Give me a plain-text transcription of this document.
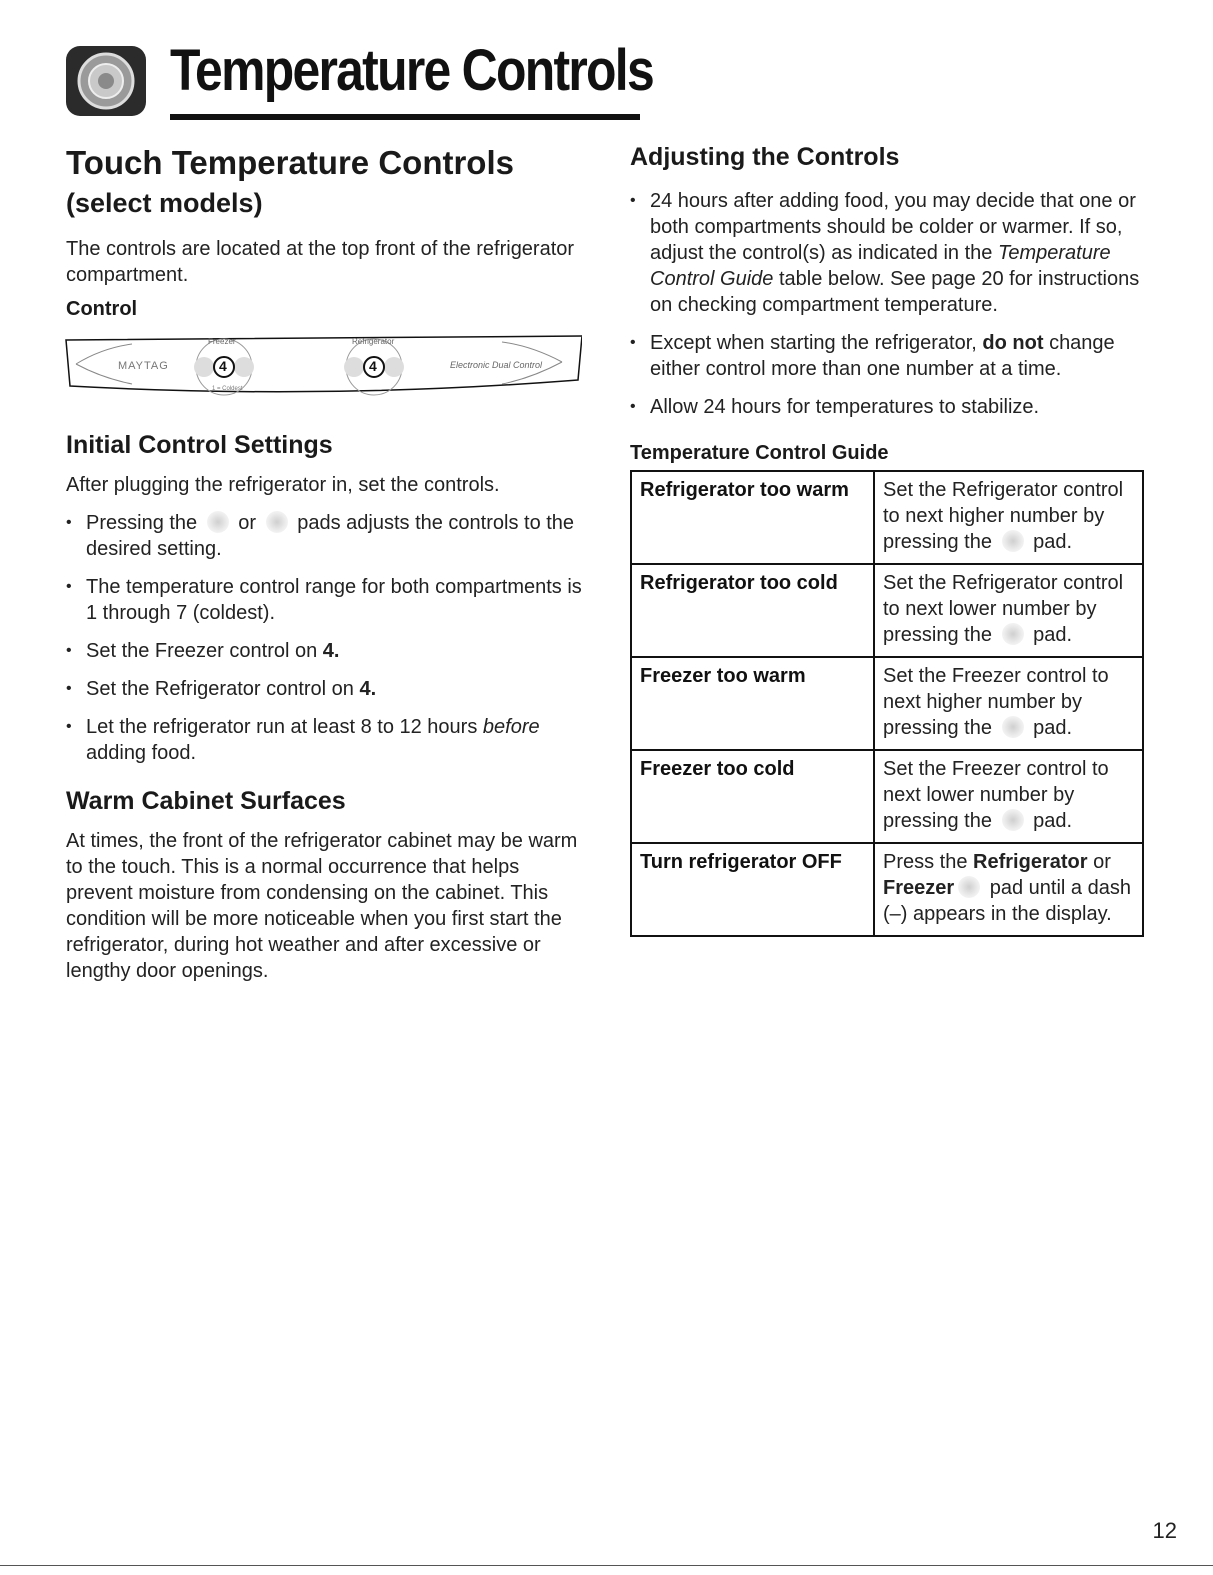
Temperature Controls
Touch Temperature Controls
(select models)

The controls are located at the top front of the refrigerator compartment.

Control
MAYTAG
Freezer
4
Refrigerator
4	Electronic Dual Control
1 = Coldest
Initial Control Settings

After plugging the refrigerator in, set the controls.

• Pressing the or pads adjusts the controls to the desired setting.
• The temperature control range for both compartments is 1 through 7 (coldest).
• Set the Freezer control on 4.
• Set the Refrigerator control on 4.
• Let the refrigerator run at least 8 to 12 hours before adding food.
Warm Cabinet Surfaces

At times, the front of the refrigerator cabinet may be warm to the touch. This is a normal occurrence that helps prevent moisture from condensing on the cabinet. This condition will be more noticeable when you first start the refrigerator, during hot weather and after excessive or lengthy door openings.

Adjusting the Controls
• 24 hours after adding food, you may decide that one or both compartments should be colder or warmer. If so, adjust the control(s) as indicated in the Temperature Control Guide table below. See page 20 for instructions on checking compartment temperature.
• Except when starting the refrigerator, do not change either control more than one number at a time.
• Allow 24 hours for temperatures to stabilize.
Temperature Control Guide
Refrigerator too warm	Set the Refrigerator control to next higher number by pressing the pad.
Refrigerator too cold	Set the Refrigerator control to next lower number by pressing the pad.
Freezer too warm	Set the Freezer control to next higher number by pressing the pad.
Freezer too cold	Set the Freezer control to next lower number by pressing the pad.
Turn refrigerator OFF	Press the Refrigerator or Freezer pad until a dash (–) appears in the display.
12
